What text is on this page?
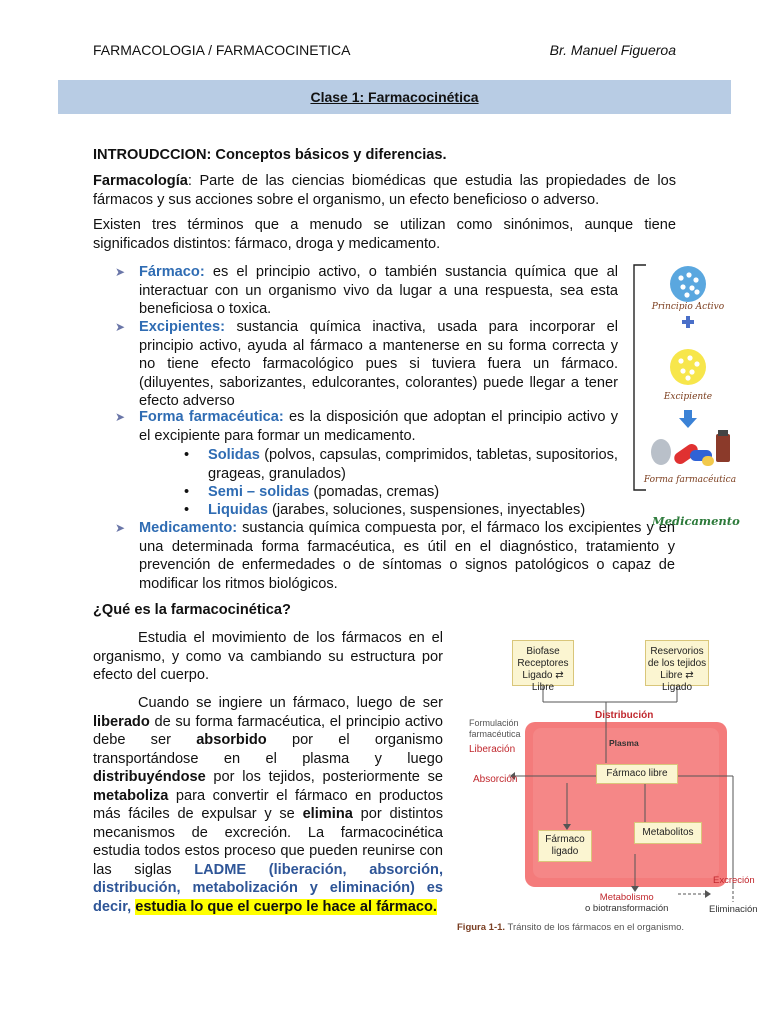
FARMACOLOGIA / FARMACOCINETICA	Br. Manuel Figueroa
Clase 1: Farmacocinética
INTROUDCCION: Conceptos básicos y diferencias.
Farmacología: Parte de las ciencias biomédicas que estudia las propiedades de los fármacos y sus acciones sobre el organismo, un efecto beneficioso o adverso.
Existen tres términos que a menudo se utilizan como sinónimos, aunque tiene significados distintos: fármaco, droga y medicamento.
➤ Fármaco: es el principio activo, o también sustancia química que al interactuar con un organismo vivo da lugar a una respuesta, sea esta beneficiosa o toxica.
➤ Excipientes: sustancia química inactiva, usada para incorporar el principio activo, ayuda al fármaco a mantenerse en su forma correcta y no tiene efecto farmacológico pues si tuviera fuera un fármaco. (diluyentes, saborizantes, edulcorantes, colorantes) puede llegar a tener efecto adverso
➤ Forma farmacéutica: es la disposición que adoptan el principio activo y el excipiente para formar un medicamento.
• Solidas (polvos, capsulas, comprimidos, tabletas, supositorios, grageas, granulados)
• Semi – solidas (pomadas, cremas)
• Liquidas (jarabes, soluciones, suspensiones, inyectables)
➤ Medicamento: sustancia química compuesta por, el fármaco los excipientes y en una determinada forma farmacéutica, es útil en el diagnóstico, tratamiento y prevención de enfermedades o de síntomas o signos patológicos o capaz de modificar los ritmos biológicos.
Principio Activo
Excipiente
Forma farmacéutica
Medicamento
¿Qué es la farmacocinética?
Estudia el movimiento de los fármacos en el organismo, y como va cambiando su estructura por efecto del cuerpo.
Cuando se ingiere un fármaco, luego de ser liberado de su forma farmacéutica, el principio activo debe ser absorbido por el organismo transportándose en el plasma y luego distribuyéndose por los tejidos, posteriormente se metaboliza para convertir el fármaco en productos más fáciles de expulsar y se elimina por distintos mecanismos de excreción. La farmacocinética estudia todos estos proceso que pueden reunirse con las siglas LADME (liberación, absorción, distribución, metabolización y eliminación) es decir, estudia lo que el cuerpo le hace al fármaco.
Biofase
Receptores
Ligado ⇄ Libre
Reservorios
de los tejidos
Libre ⇄ Ligado
Distribución
Formulación
farmacéutica
Liberación
Absorción
Plasma
Fármaco libre
Fármaco
ligado
Metabolitos
Excreción
Metabolismo
o biotransformación	Eliminación
Figura 1-1. Tránsito de los fármacos en el organismo.
